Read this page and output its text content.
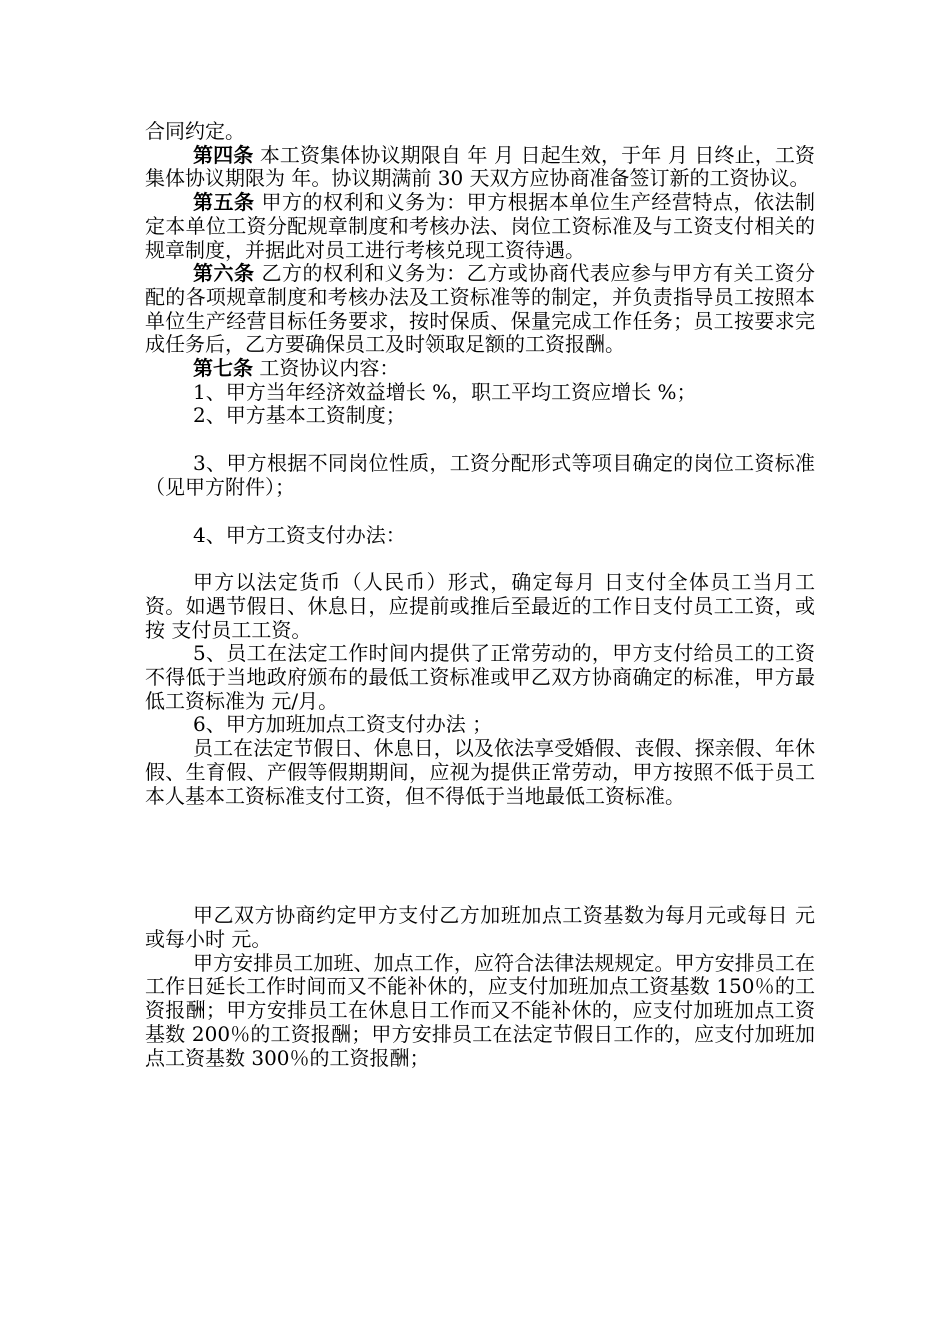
合同约定。

第四条 本工资集体协议期限自 年 月 日起生效，于年 月 日终止，工资集体协议期限为 年。协议期满前 30 天双方应协商准备签订新的工资协议。

第五条 甲方的权利和义务为：甲方根据本单位生产经营特点，依法制定本单位工资分配规章制度和考核办法、岗位工资标准及与工资支付相关的规章制度，并据此对员工进行考核兑现工资待遇。

第六条 乙方的权利和义务为：乙方或协商代表应参与甲方有关工资分配的各项规章制度和考核办法及工资标准等的制定，并负责指导员工按照本单位生产经营目标任务要求，按时保质、保量完成工作任务；员工按要求完成任务后，乙方要确保员工及时领取足额的工资报酬。

第七条 工资协议内容：

1、甲方当年经济效益增长 %，职工平均工资应增长 %；

2、甲方基本工资制度；

3、甲方根据不同岗位性质，工资分配形式等项目确定的岗位工资标准（见甲方附件）；

4、甲方工资支付办法：

甲方以法定货币（人民币）形式，确定每月 日支付全体员工当月工资。如遇节假日、休息日，应提前或推后至最近的工作日支付员工工资，或按 支付员工工资。

5、员工在法定工作时间内提供了正常劳动的，甲方支付给员工的工资不得低于当地政府颁布的最低工资标准或甲乙双方协商确定的标准，甲方最低工资标准为 元/月。

6、甲方加班加点工资支付办法 ；

员工在法定节假日、休息日，以及依法享受婚假、丧假、探亲假、年休假、生育假、产假等假期期间，应视为提供正常劳动，甲方按照不低于员工本人基本工资标准支付工资，但不得低于当地最低工资标准。

甲乙双方协商约定甲方支付乙方加班加点工资基数为每月元或每日 元或每小时 元。

甲方安排员工加班、加点工作，应符合法律法规规定。甲方安排员工在工作日延长工作时间而又不能补休的，应支付加班加点工资基数 150％的工资报酬；甲方安排员工在休息日工作而又不能补休的，应支付加班加点工资基数 200％的工资报酬；甲方安排员工在法定节假日工作的，应支付加班加点工资基数 300％的工资报酬；
